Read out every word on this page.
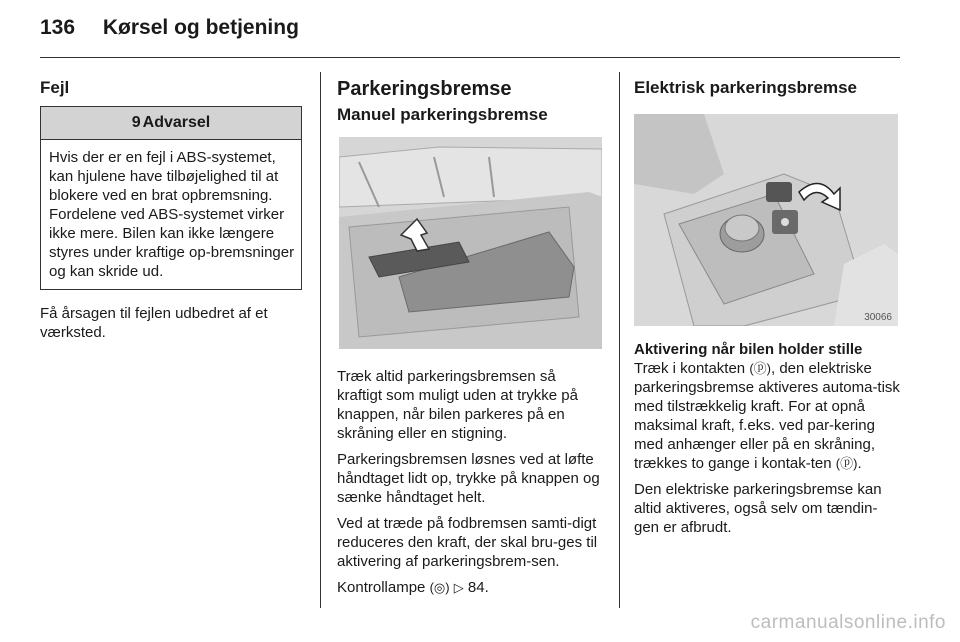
136 Kørsel og betjening
Fejl
9 Advarsel
Hvis der er en fejl i ABS-systemet, kan hjulene have tilbøjelighed til at blokere ved en brat opbremsning. Fordelene ved ABS-systemet virker ikke mere. Bilen kan ikke længere styres under kraftige op-bremsninger og kan skride ud.

Få årsagen til fejlen udbedret af et værksted.

Parkeringsbremse
Manuel parkeringsbremse

Træk altid parkeringsbremsen så kraftigt som muligt uden at trykke på knappen, når bilen parkeres på en skråning eller en stigning.

Parkeringsbremsen løsnes ved at løfte håndtaget lidt op, trykke på knappen og sænke håndtaget helt.

Ved at træde på fodbremsen samti-digt reduceres den kraft, der skal bru-ges til aktivering af parkeringsbrem-sen.

Kontrollampe (◎) ▷ 84.

Elektrisk parkeringsbremse
30066
Aktivering når bilen holder stille

Træk i kontakten (ⓟ), den elektriske parkeringsbremse aktiveres automa-tisk med tilstrækkelig kraft. For at opnå maksimal kraft, f.eks. ved par-kering med anhænger eller på en skråning, trækkes to gange i kontak-ten (ⓟ).

Den elektriske parkeringsbremse kan altid aktiveres, også selv om tændin-gen er afbrudt.

carmanualsonline.info
